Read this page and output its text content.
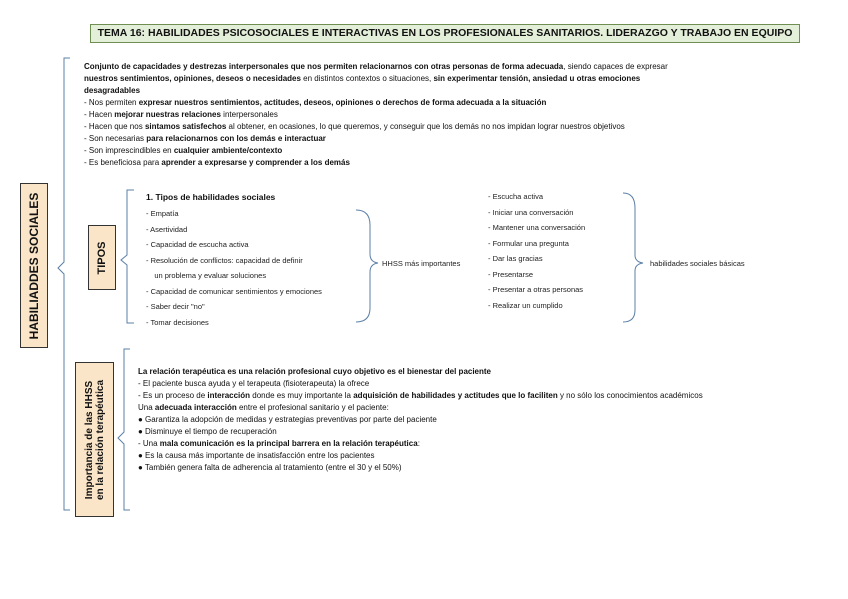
TEMA 16: HABILIDADES PSICOSOCIALES E INTERACTIVAS EN LOS PROFESIONALES SANITARIOS. LIDERAZGO Y TRABAJO EN EQUIPO
HABILIADDES SOCIALES	TIPOS
Importancia de las HHSS en la relación terapéutica
Conjunto de capacidades y destrezas interpersonales que nos permiten relacionarnos con otras personas de forma adecuada, siendo capaces de expresar
nuestros sentimientos, opiniones, deseos o necesidades en distintos contextos o situaciones, sin experimentar tensión, ansiedad u otras emociones
desagradables
- Nos permiten expresar nuestros sentimientos, actitudes, deseos, opiniones o derechos de forma adecuada a la situación
- Hacen mejorar nuestras relaciones interpersonales
- Hacen que nos sintamos satisfechos al obtener, en ocasiones, lo que queremos, y conseguir que los demás no nos impidan lograr nuestros objetivos
- Son necesarias para relacionarnos con los demás e interactuar
- Son imprescindibles en cualquier ambiente/contexto
- Es beneficiosa para aprender a expresarse y comprender a los demás
1. Tipos de habilidades sociales
- Empatía
- Asertividad
- Capacidad de escucha activa
- Resolución de conflictos: capacidad de definir
un problema y evaluar soluciones
- Capacidad de comunicar sentimientos y emociones
- Saber decir "no"
- Tomar decisiones
HHSS más importantes
- Escucha activa
- Iniciar una conversación
- Mantener una conversación
- Formular una pregunta
- Dar las gracias
- Presentarse
- Presentar a otras personas
- Realizar un cumplido
habilidades sociales básicas
La relación terapéutica es una relación profesional cuyo objetivo es el bienestar del paciente
- El paciente busca ayuda y el terapeuta (fisioterapeuta) la ofrece
- Es un proceso de interacción donde es muy importante la adquisición de habilidades y actitudes que lo faciliten y no sólo los conocimientos académicos
Una adecuada interacción entre el profesional sanitario y el paciente:
● Garantiza la adopción de medidas y estrategias preventivas por parte del paciente
● Disminuye el tiempo de recuperación
- Una mala comunicación es la principal barrera en la relación terapéutica:
● Es la causa más importante de insatisfacción entre los pacientes
● También genera falta de adherencia al tratamiento (entre el 30 y el 50%)
